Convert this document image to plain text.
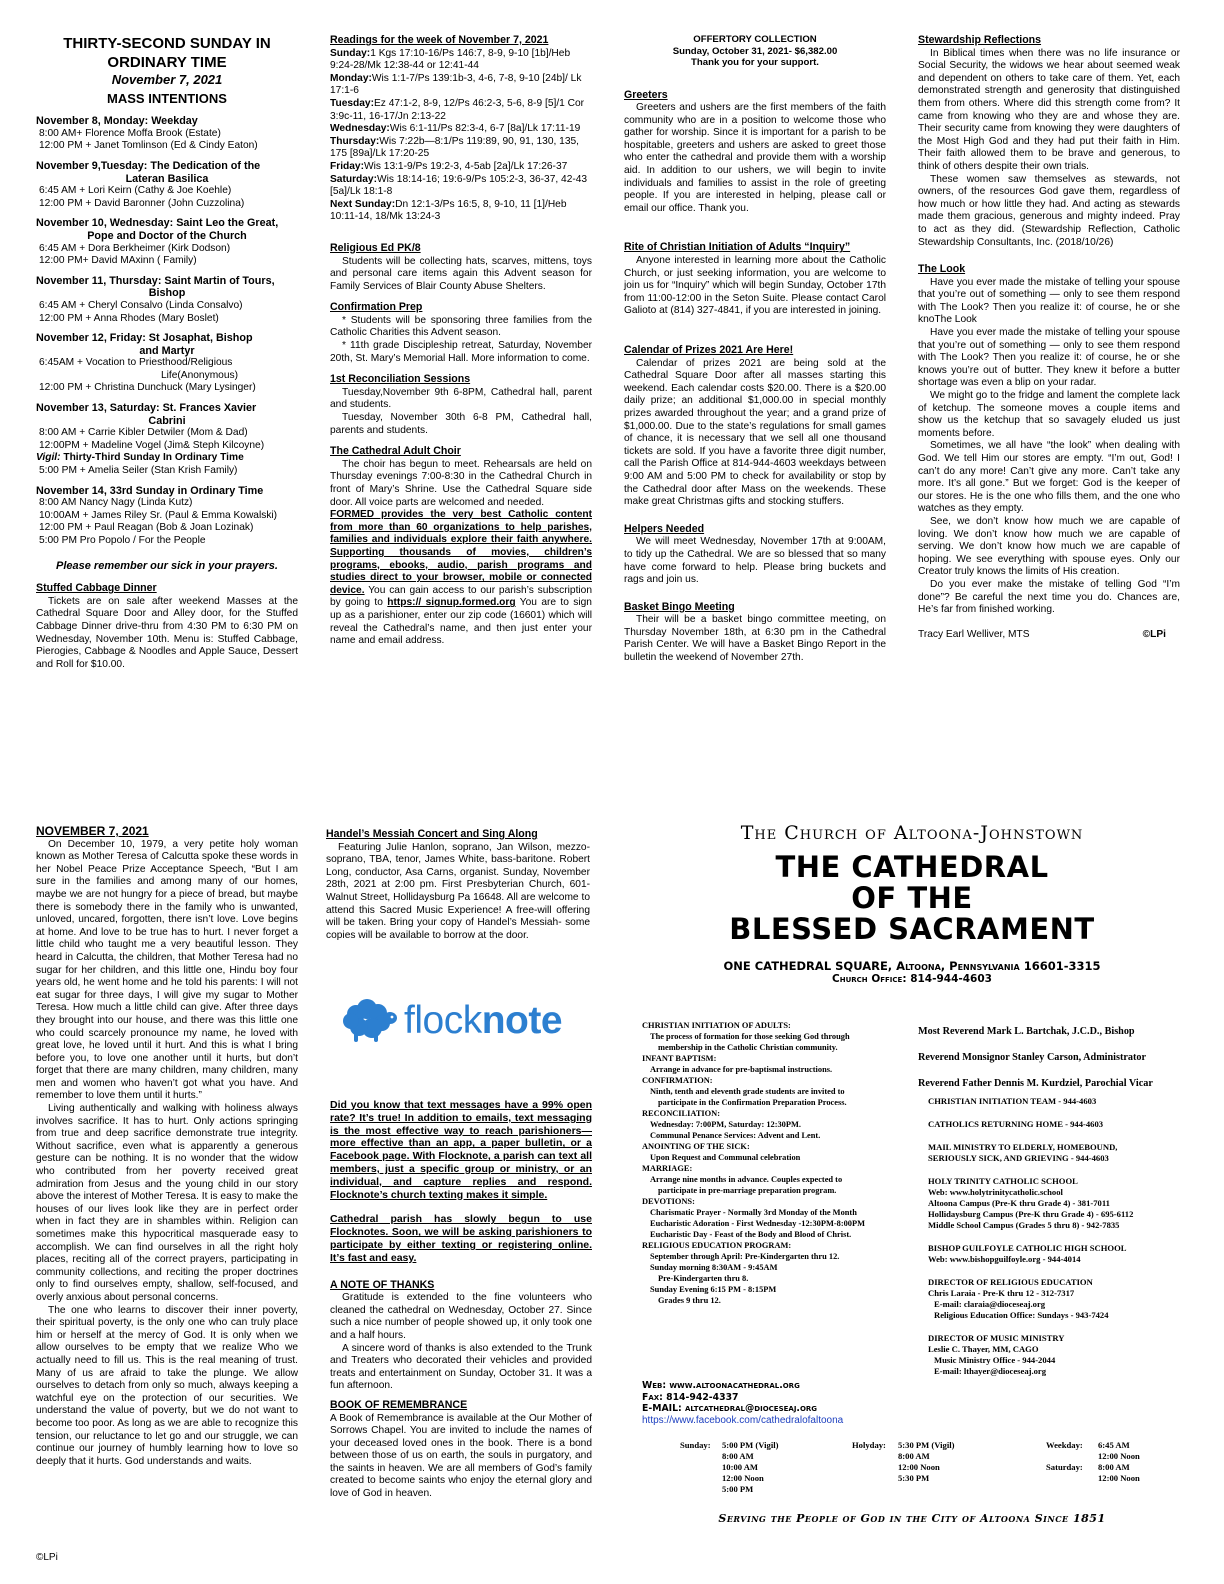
THIRTY-SECOND SUNDAY IN ORDINARY TIME
November 7, 2021
MASS INTENTIONS
November 8, Monday: Weekday
8:00 AM+ Florence Moffa Brook (Estate)
12:00 PM + Janet Tomlinson (Ed & Cindy Eaton)
November 9,Tuesday: The Dedication of the
Lateran Basilica
6:45 AM + Lori Keirn (Cathy & Joe Koehle)
12:00 PM + David Baronner (John Cuzzolina)
November 10, Wednesday: Saint Leo the Great,
Pope and Doctor of the Church
6:45 AM + Dora Berkheimer (Kirk Dodson)
12:00 PM+ David MAxinn ( Family)
November 11, Thursday: Saint Martin of Tours,
Bishop
6:45 AM + Cheryl Consalvo (Linda Consalvo)
12:00 PM + Anna Rhodes (Mary Boslet)
November 12, Friday: St Josaphat, Bishop
and Martyr
6:45AM + Vocation to Priesthood/Religious
Life(Anonymous)
12:00 PM + Christina Dunchuck (Mary Lysinger)
November 13, Saturday: St. Frances Xavier
Cabrini
8:00 AM + Carrie Kibler Detwiler (Mom & Dad)
12:00PM + Madeline Vogel (Jim& Steph Kilcoyne)
Vigil: Thirty-Third Sunday In Ordinary Time
5:00 PM + Amelia Seiler (Stan Krish Family)
November 14, 33rd Sunday in Ordinary Time
8:00 AM Nancy Nagy (Linda Kutz)
10:00AM + James Riley Sr. (Paul & Emma Kowalski)
12:00 PM + Paul Reagan (Bob & Joan Lozinak)
5:00 PM Pro Popolo / For the People
Please remember our sick in your prayers.
Stuffed Cabbage Dinner

Tickets are on sale after weekend Masses at the Cathedral Square Door and Alley door, for the Stuffed Cabbage Dinner drive-thru from 4:30 PM to 6:30 PM on Wednesday, November 10th. Menu is: Stuffed Cabbage, Pierogies, Cabbage & Noodles and Apple Sauce, Dessert and Roll for $10.00.

Readings for the week of November 7, 2021
Sunday:1 Kgs 17:10-16/Ps 146:7, 8-9, 9-10 [1b]/Heb 9:24-28/Mk 12:38-44 or 12:41-44
Monday:Wis 1:1-7/Ps 139:1b-3, 4-6, 7-8, 9-10 [24b]/ Lk 17:1-6
Tuesday:Ez 47:1-2, 8-9, 12/Ps 46:2-3, 5-6, 8-9 [5]/1 Cor 3:9c-11, 16-17/Jn 2:13-22
Wednesday:Wis 6:1-11/Ps 82:3-4, 6-7 [8a]/Lk 17:11-19
Thursday:Wis 7:22b—8:1/Ps 119:89, 90, 91, 130, 135, 175 [89a]/Lk 17:20-25
Friday:Wis 13:1-9/Ps 19:2-3, 4-5ab [2a]/Lk 17:26-37
Saturday:Wis 18:14-16; 19:6-9/Ps 105:2-3, 36-37, 42-43 [5a]/Lk 18:1-8
Next Sunday:Dn 12:1-3/Ps 16:5, 8, 9-10, 11 [1]/Heb 10:11-14, 18/Mk 13:24-3
Religious Ed PK/8

Students will be collecting hats, scarves, mittens, toys and personal care items again this Advent season for Family Services of Blair County Abuse Shelters.

Confirmation Prep

* Students will be sponsoring three families from the Catholic Charities this Advent season.

* 11th grade Discipleship retreat, Saturday, November 20th, St. Mary’s Memorial Hall. More information to come.

1st Reconciliation Sessions

Tuesday,November 9th 6-8PM, Cathedral hall, parent and students.

Tuesday, November 30th 6-8 PM, Cathedral hall, parents and students.

The Cathedral Adult Choir

The choir has begun to meet. Rehearsals are held on Thursday evenings 7:00-8:30 in the Cathedral Church in front of Mary’s Shrine. Use the Cathedral Square side door. All voice parts are welcomed and needed.

FORMED provides the very best Catholic content from more than 60 organizations to help parishes, families and individuals explore their faith anywhere. Supporting thousands of movies, children’s programs, ebooks, audio, parish programs and studies direct to your browser, mobile or connected device. You can gain access to our parish’s subscription by going to https:// signup.formed.org You are to sign up as a parishioner, enter our zip code (16601) which will reveal the Cathedral’s name, and then just enter your name and email address.

OFFERTORY COLLECTION
Sunday, October 31, 2021- $6,382.00
Thank you for your support.
Greeters

Greeters and ushers are the first members of the faith community who are in a position to welcome those who gather for worship. Since it is important for a parish to be hospitable, greeters and ushers are asked to greet those who enter the cathedral and provide them with a worship aid. In addition to our ushers, we will begin to invite individuals and families to assist in the role of greeting people. If you are interested in helping, please call or email our office. Thank you.

Rite of Christian Initiation of Adults “Inquiry”

Anyone interested in learning more about the Catholic Church, or just seeking information, you are welcome to join us for “Inquiry” which will begin Sunday, October 17th from 11:00-12:00 in the Seton Suite. Please contact Carol Galioto at (814) 327-4841, if you are interested in joining.

Calendar of Prizes 2021 Are Here!

Calendar of prizes 2021 are being sold at the Cathedral Square Door after all masses starting this weekend. Each calendar costs $20.00. There is a $20.00 daily prize; an additional $1,000.00 in special monthly prizes awarded throughout the year; and a grand prize of $1,000.00. Due to the state’s regulations for small games of chance, it is necessary that we sell all one thousand tickets are sold. If you have a favorite three digit number, call the Parish Office at 814-944-4603 weekdays between 9:00 AM and 5:00 PM to check for availability or stop by the Cathedral door after Mass on the weekends. These make great Christmas gifts and stocking stuffers.

Helpers Needed

We will meet Wednesday, November 17th at 9:00AM, to tidy up the Cathedral. We are so blessed that so many have come forward to help. Please bring buckets and rags and join us.

Basket Bingo Meeting

Their will be a basket bingo committee meeting, on Thursday November 18th, at 6:30 pm in the Cathedral Parish Center. We will have a Basket Bingo Report in the bulletin the weekend of November 27th.

Stewardship Reflections

In Biblical times when there was no life insurance or Social Security, the widows we hear about seemed weak and dependent on others to take care of them. Yet, each demonstrated strength and generosity that distinguished them from others. Where did this strength come from? It came from knowing who they are and whose they are. Their security came from knowing they were daughters of the Most High God and they had put their faith in Him. Their faith allowed them to be brave and generous, to think of others despite their own trials.

These women saw themselves as stewards, not owners, of the resources God gave them, regardless of how much or how little they had. And acting as stewards made them gracious, generous and mighty indeed. Pray to act as they did. (Stewardship Reflection, Catholic Stewardship Consultants, Inc. (2018/10/26)

The Look

Have you ever made the mistake of telling your spouse that you’re out of something — only to see them respond with The Look? Then you realize it: of course, he or she knoThe Look

Have you ever made the mistake of telling your spouse that you’re out of something — only to see them respond with The Look? Then you realize it: of course, he or she knows you’re out of butter. They knew it before a butter shortage was even a blip on your radar.

We might go to the fridge and lament the complete lack of ketchup. The someone moves a couple items and show us the ketchup that so savagely eluded us just moments before.

Sometimes, we all have “the look” when dealing with God. We tell Him our stores are empty. “I’m out, God! I can’t do any more! Can’t give any more. Can’t take any more. It’s all gone.” But we forget: God is the keeper of our stores. He is the one who fills them, and the one who watches as they empty.

See, we don’t know how much we are capable of loving. We don’t know how much we are capable of serving. We don’t know how much we are capable of hoping. We see everything with spouse eyes. Only our Creator truly knows the limits of His creation.

Do you ever make the mistake of telling God “I’m done”? Be careful the next time you do. Chances are, He’s far from finished working.

Tracy Earl Welliver, MTS	©LPi
NOVEMBER 7, 2021

On December 10, 1979, a very petite holy woman known as Mother Teresa of Calcutta spoke these words in her Nobel Peace Prize Acceptance Speech, “But I am sure in the families and among many of our homes, maybe we are not hungry for a piece of bread, but maybe there is somebody there in the family who is unwanted, unloved, uncared, forgotten, there isn’t love. Love begins at home. And love to be true has to hurt. I never forget a little child who taught me a very beautiful lesson. They heard in Calcutta, the children, that Mother Teresa had no sugar for her children, and this little one, Hindu boy four years old, he went home and he told his parents: I will not eat sugar for three days, I will give my sugar to Mother Teresa. How much a little child can give. After three days they brought into our house, and there was this little one who could scarcely pronounce my name, he loved with great love, he loved until it hurt. And this is what I bring before you, to love one another until it hurts, but don’t forget that there are many children, many children, many men and women who haven’t got what you have. And remember to love them until it hurts.”

Living authentically and walking with holiness always involves sacrifice. It has to hurt. Only actions springing from true and deep sacrifice demonstrate true integrity. Without sacrifice, even what is apparently a generous gesture can be nothing. It is no wonder that the widow who contributed from her poverty received great admiration from Jesus and the young child in our story above the interest of Mother Teresa. It is easy to make the houses of our lives look like they are in perfect order when in fact they are in shambles within. Religion can sometimes make this hypocritical masquerade easy to accomplish. We can find ourselves in all the right holy places, reciting all of the correct prayers, participating in community collections, and reciting the proper doctrines only to find ourselves empty, shallow, self-focused, and overly anxious about personal concerns.

The one who learns to discover their inner poverty, their spiritual poverty, is the only one who can truly place him or herself at the mercy of God. It is only when we allow ourselves to be empty that we realize Who we actually need to fill us. This is the real meaning of trust. Many of us are afraid to take the plunge. We allow ourselves to detach from only so much, always keeping a watchful eye on the protection of our securities. We understand the value of poverty, but we do not want to become too poor. As long as we are able to recognize this tension, our reluctance to let go and our struggle, we can continue our journey of humbly learning how to love so deeply that it hurts. God understands and waits.

©LPi
Handel’s Messiah Concert and Sing Along

Featuring Julie Hanlon, soprano, Jan Wilson, mezzo-soprano, TBA, tenor, James White, bass-baritone. Robert Long, conductor, Asa Carns, organist. Sunday, November 28th, 2021 at 2:00 pm. First Presbyterian Church, 601- Walnut Street, Hollidaysburg Pa 16648. All are welcome to attend this Sacred Music Experience! A free-will offering will be taken. Bring your copy of Handel’s Messiah- some copies will be available to borrow at the door.

flocknote

Did you know that text messages have a 99% open rate? It’s true! In addition to emails, text messaging is the most effective way to reach parishioners—more effective than an app, a paper bulletin, or a Facebook page. With Flocknote, a parish can text all members, just a specific group or ministry, or an individual, and capture replies and respond. Flocknote’s church texting makes it simple.

Cathedral parish has slowly begun to use Flocknotes. Soon, we will be asking parishioners to participate by either texting or registering online. It’s fast and easy.

A NOTE OF THANKS

Gratitude is extended to the fine volunteers who cleaned the cathedral on Wednesday, October 27. Since such a nice number of people showed up, it only took one and a half hours.

A sincere word of thanks is also extended to the Trunk and Treaters who decorated their vehicles and provided treats and entertainment on Sunday, October 31. It was a fun afternoon.

BOOK OF REMEMBRANCE

A Book of Remembrance is available at the Our Mother of Sorrows Chapel. You are invited to include the names of your deceased loved ones in the book. There is a bond between those of us on earth, the souls in purgatory, and the saints in heaven. We are all members of God’s family created to become saints who enjoy the eternal glory and love of God in heaven.

The Church of Altoona-Johnstown
THE CATHEDRAL
OF THE
BLESSED SACRAMENT
ONE CATHEDRAL SQUARE, Altoona, Pennsylvania 16601-3315
Church Office: 814-944-4603
CHRISTIAN INITIATION OF ADULTS:
The process of formation for those seeking God through
membership in the Catholic Christian community.
INFANT BAPTISM:
Arrange in advance for pre-baptismal instructions.
CONFIRMATION:
Ninth, tenth and eleventh grade students are invited to
participate in the Confirmation Preparation Process.
RECONCILIATION:
Wednesday: 7:00PM, Saturday: 12:30PM.
Communal Penance Services: Advent and Lent.
ANOINTING OF THE SICK:
Upon Request and Communal celebration
MARRIAGE:
Arrange nine months in advance. Couples expected to
participate in pre-marriage preparation program.
DEVOTIONS:
Charismatic Prayer - Normally 3rd Monday of the Month
Eucharistic Adoration - First Wednesday -12:30PM-8:00PM
Eucharistic Day - Feast of the Body and Blood of Christ.
RELIGIOUS EDUCATION PROGRAM:
September through April: Pre-Kindergarten thru 12.
Sunday morning 8:30AM - 9:45AM
Pre-Kindergarten thru 8.
Sunday Evening 6:15 PM - 8:15PM
Grades 9 thru 12.
Most Reverend Mark L. Bartchak, J.C.D., Bishop
Reverend Monsignor Stanley Carson, Administrator
Reverend Father Dennis M. Kurdziel, Parochial Vicar
CHRISTIAN INITIATION TEAM - 944-4603
CATHOLICS RETURNING HOME - 944-4603
MAIL MINISTRY TO ELDERLY, HOMEBOUND,
SERIOUSLY SICK, AND GRIEVING - 944-4603
HOLY TRINITY CATHOLIC SCHOOL
Web: www.holytrinitycatholic.school
Altoona Campus (Pre-K thru Grade 4) - 381-7011
Hollidaysburg Campus (Pre-K thru Grade 4) - 695-6112
Middle School Campus (Grades 5 thru 8) - 942-7835
BISHOP GUILFOYLE CATHOLIC HIGH SCHOOL
Web: www.bishopguilfoyle.org - 944-4014
DIRECTOR OF RELIGIOUS EDUCATION
Chris Laraia - Pre-K thru 12 - 312-7317
E-mail: claraia@dioceseaj.org
Religious Education Office: Sundays - 943-7424
DIRECTOR OF MUSIC MINISTRY
Leslie C. Thayer, MM, CAGO
Music Ministry Office - 944-2044
E-mail: lthayer@dioceseaj.org
Web: www.altoonacathedral.org
Fax: 814-942-4337
E-MAIL: altcathedral@dioceseaj.org
https://www.facebook.com/cathedralofaltoona
Sunday:	5:00 PM (Vigil)
8:00 AM
10:00 AM
12:00 Noon
5:00 PM
Holyday:	5:30 PM (Vigil)
8:00 AM
12:00 Noon
5:30 PM
Weekday:	6:45 AM
12:00 Noon
Saturday:	8:00 AM
12:00 Noon
Serving the People of God in the City of Altoona Since 1851
